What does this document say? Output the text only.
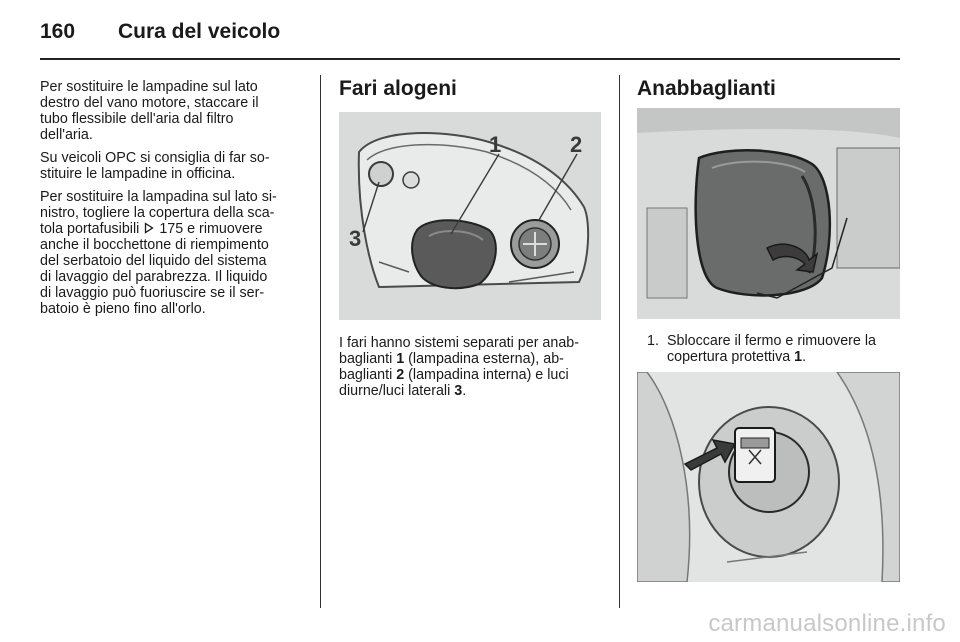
160 Cura del veicolo

Per sostituire le lampadine sul lato
destro del vano motore, staccare il
tubo flessibile dell'aria dal filtro
dell'aria.

Su veicoli OPC si consiglia di far so-
stituire le lampadine in officina.

Per sostituire la lampadina sul lato si-
nistro, togliere la copertura della sca-
tola portafusibili 175 e rimuovere
anche il bocchettone di riempimento
del serbatoio del liquido del sistema
di lavaggio del parabrezza. Il liquido
di lavaggio può fuoriuscire se il ser-
batoio è pieno fino all'orlo.

Fari alogeni
1	2
3
I fari hanno sistemi separati per anab-
baglianti 1 (lampadina esterna), ab-
baglianti 2 (lampadina interna) e luci
diurne/luci laterali 3.
Anabbaglianti
1. Sbloccare il fermo e rimuovere la
copertura protettiva 1.
carmanualsonline.info
